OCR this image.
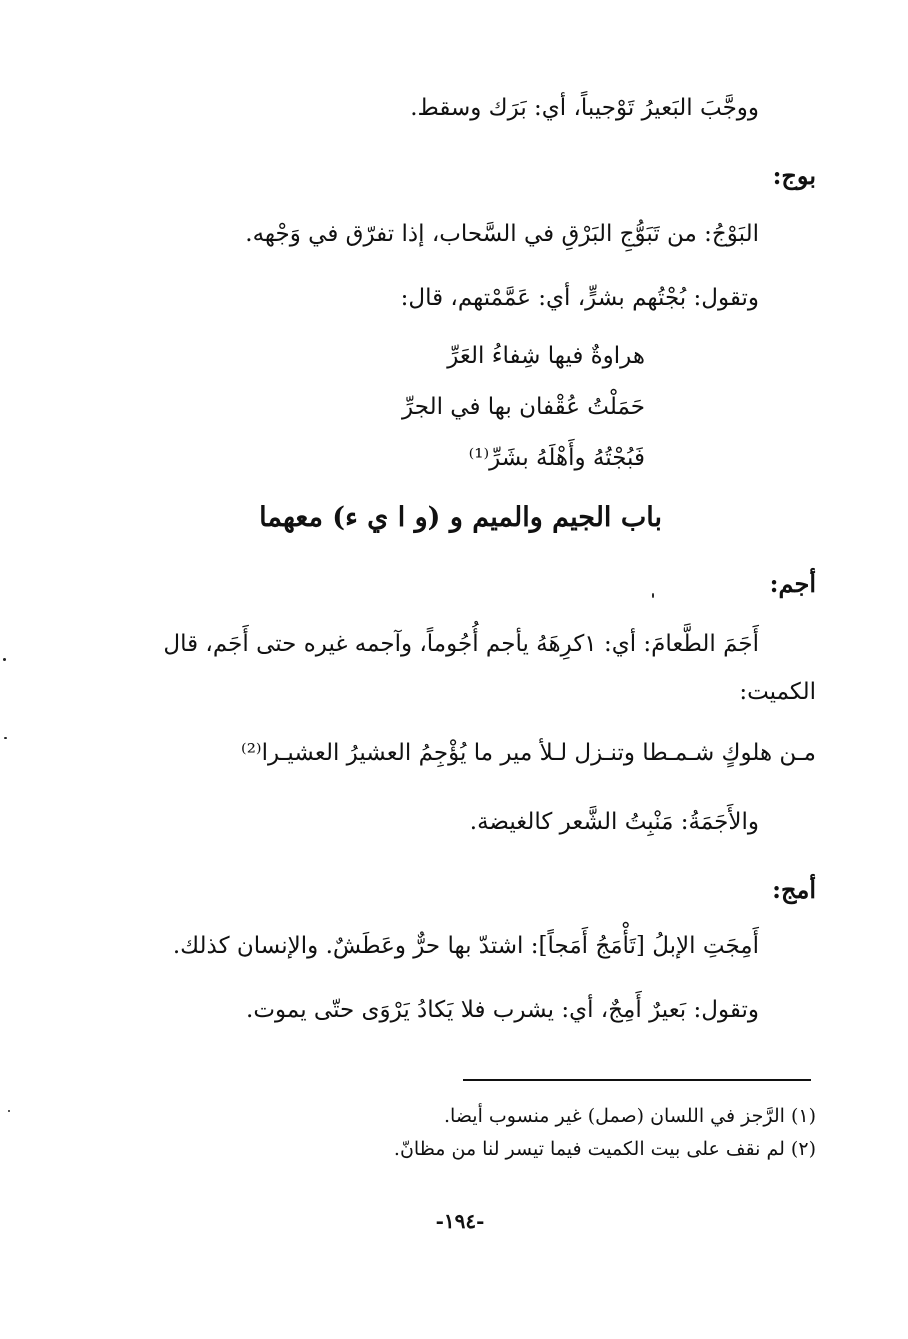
ووجَّبَ البَعيرُ تَوْجيباً، أي: بَرَك وسقط.
بوج:
البَوْجُ: من تَبَوُّجِ البَرْقِ في السَّحاب، إذا تفرّق في وَجْهه.
وتقول: بُجْتُهم بشرٍّ، أي: عَمَّمْتهم، قال:
هراوةٌ فيها شِفاءُ العَرِّ
حَمَلْتُ عُقْفان بها في الجرِّ
فَبُجْتُهُ وأَهْلَهُ بشَرِّ⁽¹⁾
باب الجيم والميم و (و ا ي ء) معهما
أجم:
أَجَمَ الطَّعامَ: أي: ١كرِهَهُ يأجم أُجُوماً، وآجمه غيره حتى أَجَم، قال
الكميت:
مـن هلوكٍ شـمـطا وتنـزل لـلأ مير ما يُؤْجِمُ العشيرُ العشيـرا⁽²⁾
والأَجَمَةُ: مَنْبِتُ الشَّعر كالغيضة.
أمج:
أَمِجَتِ الإبلُ [تَأْمَجُ أَمَجاً]: اشتدّ بها حرٌّ وعَطَشٌ. والإنسان كذلك.
وتقول: بَعيرٌ أَمِجٌ، أي: يشرب فلا يَكادُ يَرْوَى حتّى يموت.
(١) الرَّجز في اللسان (صمل) غير منسوب أيضا.
(٢) لم نقف على بيت الكميت فيما تيسر لنا من مظانّ.
-١٩٤-
